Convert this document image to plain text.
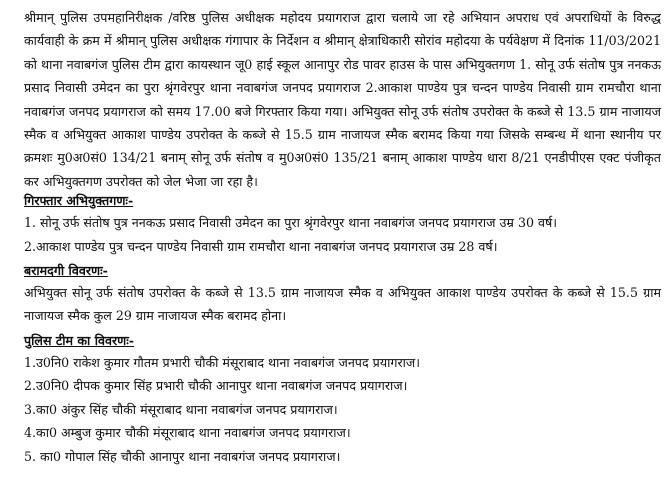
श्रीमान् पुलिस उपमहानिरीक्षक /वरिष्ठ पुलिस अधीक्षक महोदय प्रयागराज द्वारा चलाये जा रहे अभियान अपराध एवं अपराधियों के विरुद्ध कार्यवाही के क्रम में श्रीमान् पुलिस अधीक्षक गंगापार के निर्देशन व श्रीमान् क्षेत्राधिकारी सोरांव महोदया के पर्यवेक्षण में दिनांक 11/03/2021 को थाना नवाबगंज पुलिस टीम द्वारा कायस्थान जू0 हाई स्कूल आनापुर रोड पावर हाउस के पास अभियुक्तगण 1. सोनू उर्फ संतोष पुत्र ननकऊ प्रसाद निवासी उमेदन का पुरा श्रृंगवेरपुर थाना नवाबगंज जनपद प्रयागराज 2.आकाश पाण्डेय पुत्र चन्दन पाण्डेय निवासी ग्राम रामचौरा थाना नवाबगंज जनपद प्रयागराज को समय 17.00 बजे गिरफ्तार किया गया। अभियुक्त सोनू उर्फ संतोष उपरोक्त के कब्जे से 13.5 ग्राम नाजायज स्मैक व अभियुक्त आकाश पाण्डेय उपरोक्त के कब्जे से 15.5 ग्राम नाजायज स्मैक बरामद किया गया जिसके सम्बन्ध में थाना स्थानीय पर क्रमशः मु0अ0सं0 134/21 बनाम् सोनू उर्फ संतोष व मु0अ0सं0 135/21 बनाम् आकाश पाण्डेय धारा 8/21 एनडीपीएस एक्ट पंजीकृत कर अभियुक्तगण उपरोक्त को जेल भेजा जा रहा है।

गिरफ्तार अभियुक्तगणः-

1. सोनू उर्फ संतोष पुत्र ननकऊ प्रसाद निवासी उमेदन का पुरा श्रृंगवेरपुर थाना नवाबगंज जनपद प्रयागराज उम्र 30 वर्ष।

2.आकाश पाण्डेय पुत्र चन्दन पाण्डेय निवासी ग्राम रामचौरा थाना नवाबगंज जनपद प्रयागराज उम्र 28 वर्ष।

बरामदगी विवरणः-

अभियुक्त सोनू उर्फ संतोष उपरोक्त के कब्जे से 13.5 ग्राम नाजायज स्मैक व अभियुक्त आकाश पाण्डेय उपरोक्त के कब्जे से 15.5 ग्राम नाजायज स्मैक कुल 29 ग्राम नाजायज स्मैक बरामद होना।

पुलिस टीम का विवरणः-

1.उ0नि0 राकेश कुमार गौतम प्रभारी चौकी मंसूराबाद थाना नवाबगंज जनपद प्रयागराज।

2.उ0नि0 दीपक कुमार सिंह प्रभारी चौकी आनापुर थाना नवाबगंज जनपद प्रयागराज।

3.का0 अंकुर सिंह चौकी मंसूराबाद थाना नवाबगंज जनपद प्रयागराज।

4.का0 अम्बुज कुमार चौकी मंसूराबाद थाना नवाबगंज जनपद प्रयागराज।

5. का0 गोपाल सिंह चौकी आनापुर थाना नवाबगंज जनपद प्रयागराज।
